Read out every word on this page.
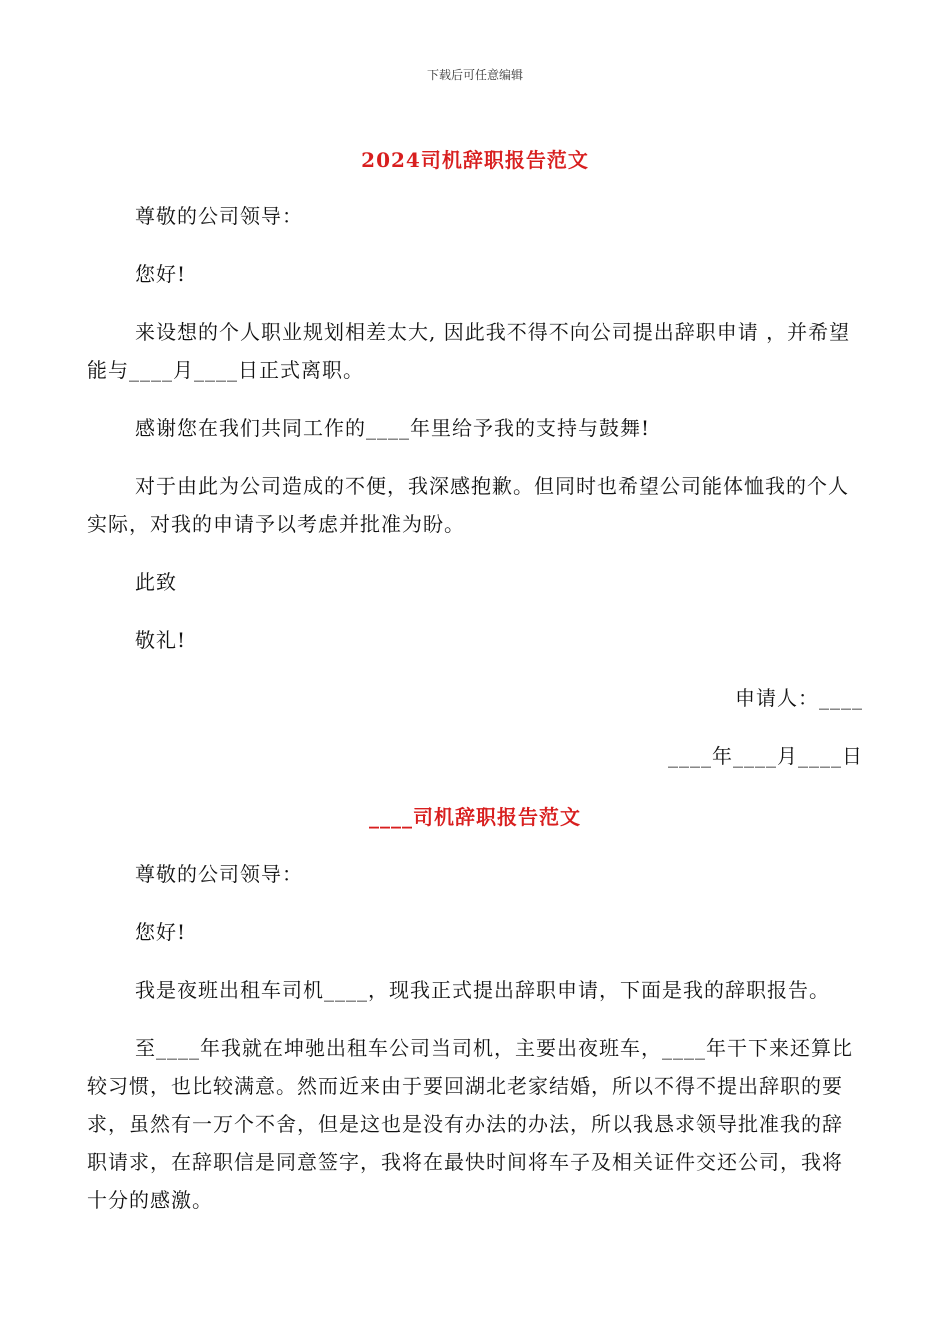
下载后可任意编辑
2024司机辞职报告范文
尊敬的公司领导：
您好!
来设想的个人职业规划相差太大, 因此我不得不向公司提出辞职申请 ，并希望能与____月____日正式离职。
感谢您在我们共同工作的____年里给予我的支持与鼓舞!
对于由此为公司造成的不便，我深感抱歉。但同时也希望公司能体恤我的个人实际，对我的申请予以考虑并批准为盼。
此致
敬礼!
申请人：____
____年____月____日
____司机辞职报告范文
尊敬的公司领导：
您好!
我是夜班出租车司机____，现我正式提出辞职申请，下面是我的辞职报告。
至____年我就在坤驰出租车公司当司机，主要出夜班车，____年干下来还算比较习惯，也比较满意。然而近来由于要回湖北老家结婚，所以不得不提出辞职的要求，虽然有一万个不舍，但是这也是没有办法的办法，所以我恳求领导批准我的辞职请求，在辞职信是同意签字，我将在最快时间将车子及相关证件交还公司，我将十分的感激。
